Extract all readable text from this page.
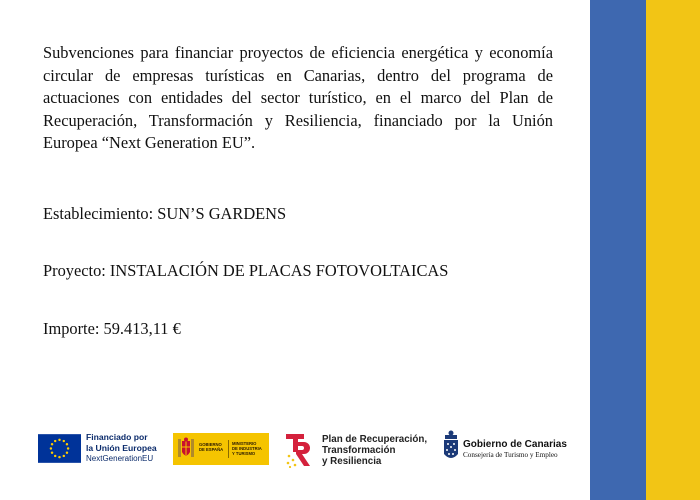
Subvenciones para financiar proyectos de eficiencia energética y economía circular de empresas turísticas en Canarias, dentro del programa de actuaciones con entidades del sector turístico, en el marco del Plan de Recuperación, Transformación y Resiliencia, financiado por la Unión Europea “Next Generation EU”.

Establecimiento: SUN’S GARDENS

Proyecto: INSTALACIÓN DE PLACAS FOTOVOLTAICAS

Importe: 59.413,11 €

Financiado por
la Unión Europea
NextGenerationEU
GOBIERNO
DE ESPAÑA
MINISTERIO
DE INDUSTRIA
Y TURISMO
Plan de Recuperación,
Transformación
y Resiliencia
Gobierno de Canarias
Consejería de Turismo y Empleo
